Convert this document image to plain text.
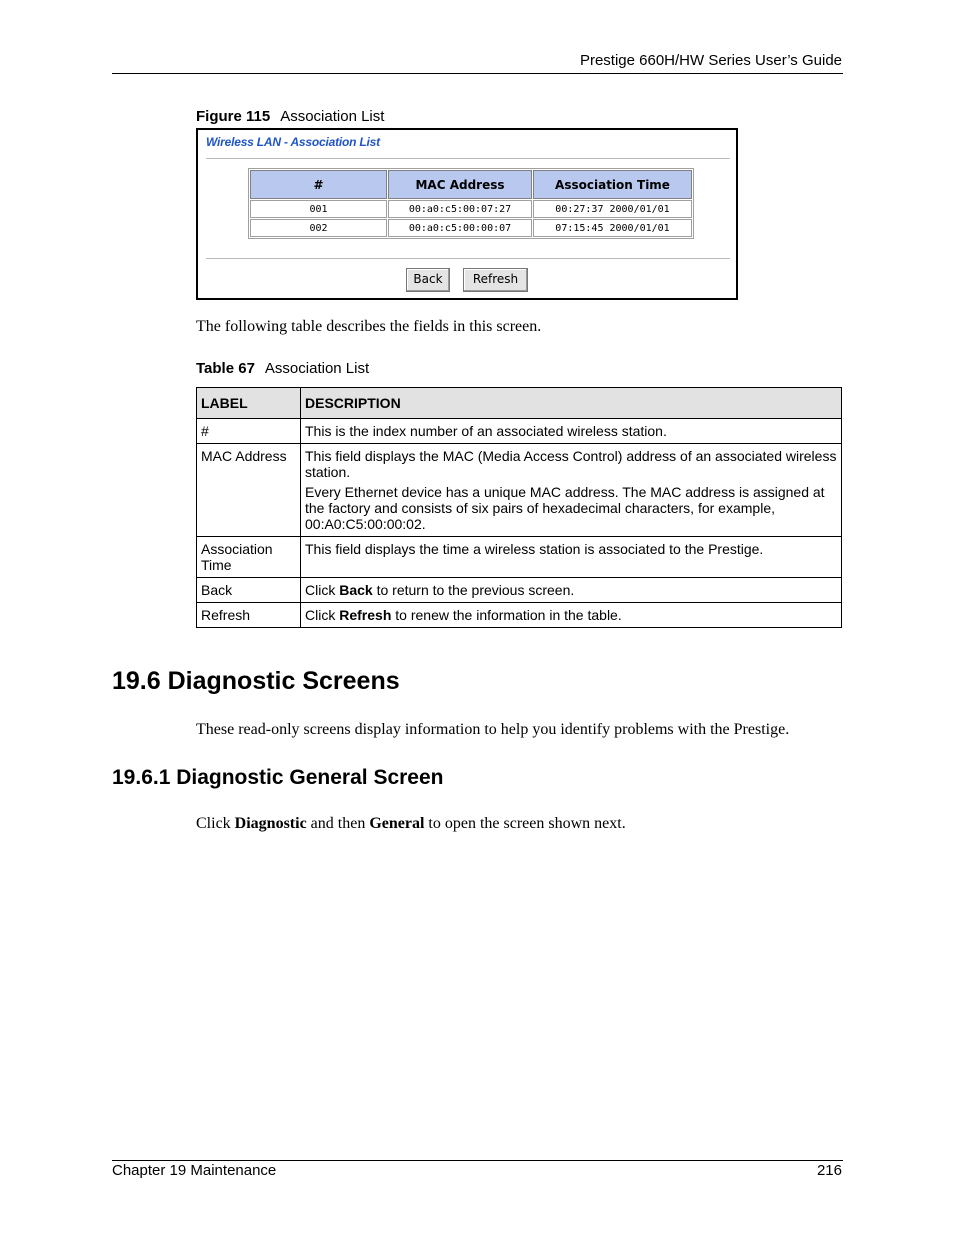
Prestige 660H/HW Series User’s Guide
Figure 115 Association List
Wireless LAN - Association List
#	MAC Address	Association Time
001	00:a0:c5:00:07:27	00:27:37 2000/01/01
002	00:a0:c5:00:00:07	07:15:45 2000/01/01
Back	Refresh
The following table describes the fields in this screen.
Table 67 Association List
LABEL	DESCRIPTION
#	This is the index number of an associated wireless station.
MAC Address	This field displays the MAC (Media Access Control) address of an associated wireless station.

Every Ethernet device has a unique MAC address. The MAC address is assigned at the factory and consists of six pairs of hexadecimal characters, for example, 00:A0:C5:00:00:02.

Association Time	This field displays the time a wireless station is associated to the Prestige.
Back	Click Back to return to the previous screen.
Refresh	Click Refresh to renew the information in the table.
19.6 Diagnostic Screens
These read-only screens display information to help you identify problems with the Prestige.
19.6.1 Diagnostic General Screen
Click Diagnostic and then General to open the screen shown next.
Chapter 19 Maintenance	216
